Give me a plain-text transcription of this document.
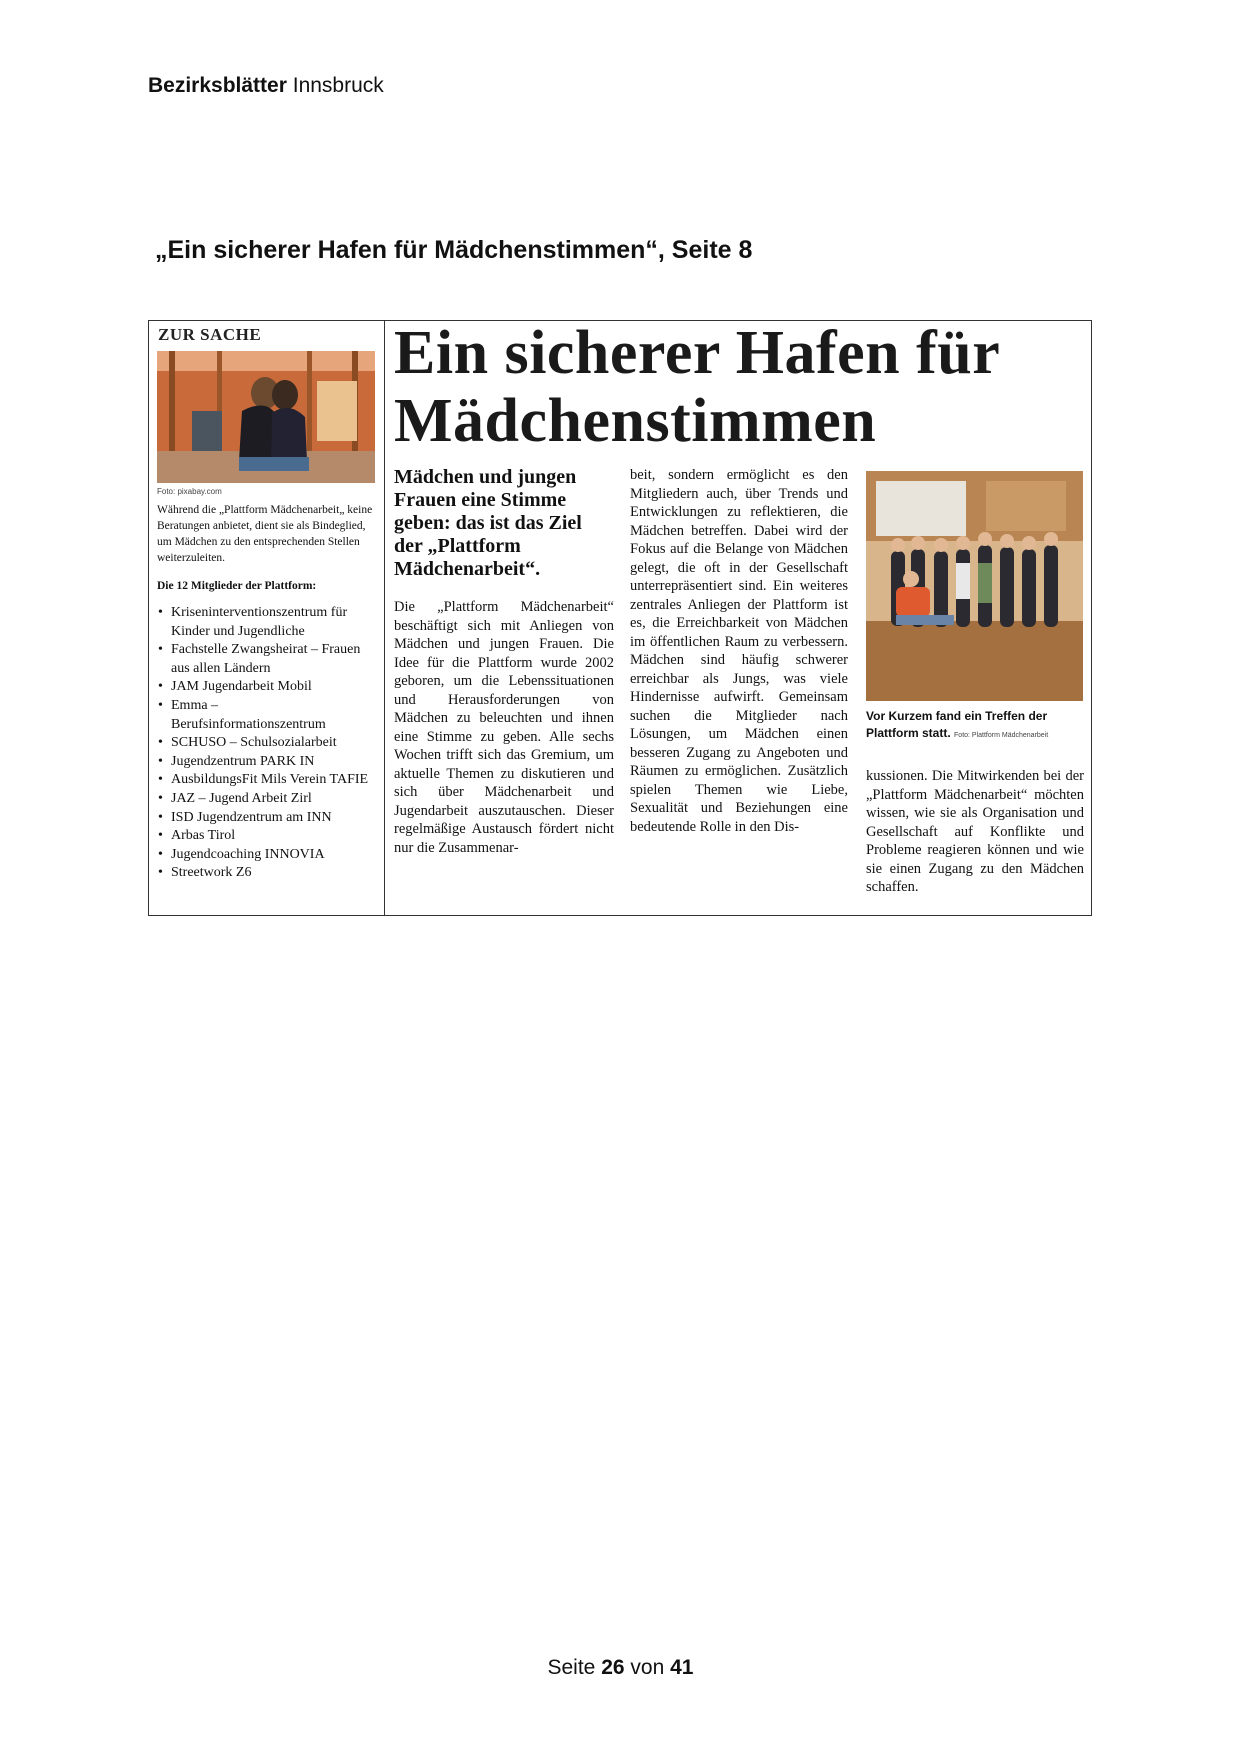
Bezirksblätter Innsbruck
„Ein sicherer Hafen für Mädchenstimmen“, Seite 8
ZUR SACHE
Foto: pixabay.com
Während die „Plattform Mädchenarbeit„ keine Beratungen anbietet, dient sie als Bindeglied, um Mädchen zu den entsprechenden Stellen weiterzuleiten.
Die 12 Mitglieder der Plattform:
• Kriseninterventionszentrum für Kinder und Jugendliche
• Fachstelle Zwangsheirat – Frauen aus allen Ländern
• JAM Jugendarbeit Mobil
• Emma – Berufsinformationszentrum
• SCHUSO – Schulsozialarbeit
• Jugendzentrum PARK IN
• AusbildungsFit Mils Verein TAFIE
• JAZ – Jugend Arbeit Zirl
• ISD Jugendzentrum am INN
• Arbas Tirol
• Jugendcoaching INNOVIA
• Streetwork Z6
Ein sicherer Hafen für
Mädchenstimmen
Mädchen und jungen Frauen eine Stimme geben: das ist das Ziel der „Plattform Mädchenarbeit“.
Die „Plattform Mädchenarbeit“ beschäftigt sich mit Anliegen von Mädchen und jungen Frauen. Die Idee für die Plattform wurde 2002 geboren, um die Lebenssituationen und Herausforderungen von Mädchen zu beleuchten und ihnen eine Stimme zu geben. Alle sechs Wochen trifft sich das Gremium, um aktuelle Themen zu diskutieren und sich über Mädchenarbeit und Jugendarbeit auszutauschen. Dieser regelmäßige Austausch fördert nicht nur die Zusammenar-
beit, sondern ermöglicht es den Mitgliedern auch, über Trends und Entwicklungen zu reflektieren, die Mädchen betreffen. Dabei wird der Fokus auf die Belange von Mädchen gelegt, die oft in der Gesellschaft unterrepräsentiert sind. Ein weiteres zentrales Anliegen der Plattform ist es, die Erreichbarkeit von Mädchen im öffentlichen Raum zu verbessern. Mädchen sind häufig schwerer erreichbar als Jungs, was viele Hindernisse aufwirft. Gemeinsam suchen die Mitglieder nach Lösungen, um Mädchen einen besseren Zugang zu Angeboten und Räumen zu ermöglichen. Zusätzlich spielen Themen wie Liebe, Sexualität und Beziehungen eine bedeutende Rolle in den Dis-
Vor Kurzem fand ein Treffen der Plattform statt. Foto: Plattform Mädchenarbeit
kussionen. Die Mitwirkenden bei der „Plattform Mädchenarbeit“ möchten wissen, wie sie als Organisation und Gesellschaft auf Konflikte und Probleme reagieren können und wie sie einen Zugang zu den Mädchen schaffen.
Seite 26 von 41
